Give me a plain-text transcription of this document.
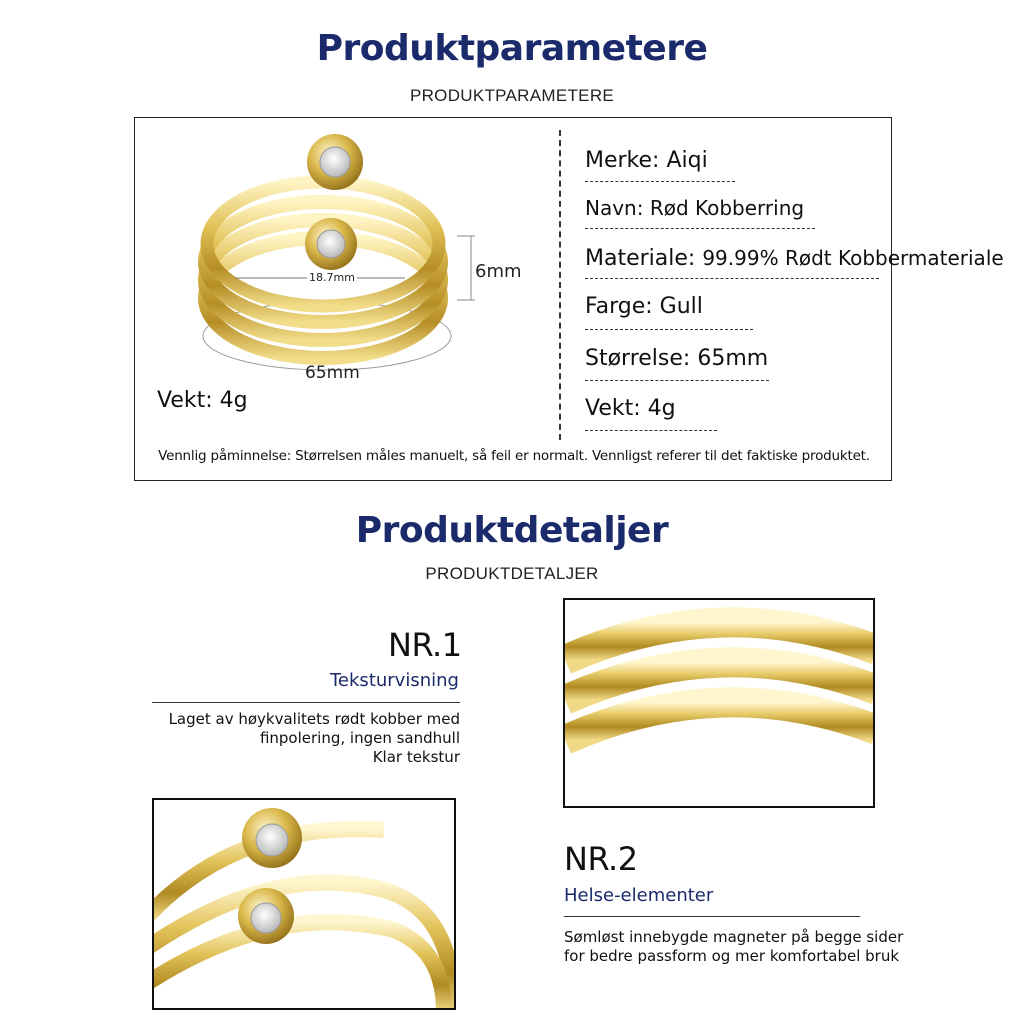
Produktparametere
PRODUKTPARAMETERE
18.7mm	6mm
65mm
Vekt: 4g
Merke: Aiqi
Navn: Rød Kobberring
Materiale: 99.99% Rødt Kobbermateriale
Farge: Gull
Størrelse: 65mm
Vekt: 4g
Vennlig påminnelse: Størrelsen måles manuelt, så feil er normalt. Vennligst referer til det faktiske produktet.
Produktdetaljer
PRODUKTDETALJER
NR.1
Teksturvisning
Laget av høykvalitets rødt kobber med
finpolering, ingen sandhull
Klar tekstur
NR.2
Helse-elementer
Sømløst innebygde magneter på begge sider
for bedre passform og mer komfortabel bruk
